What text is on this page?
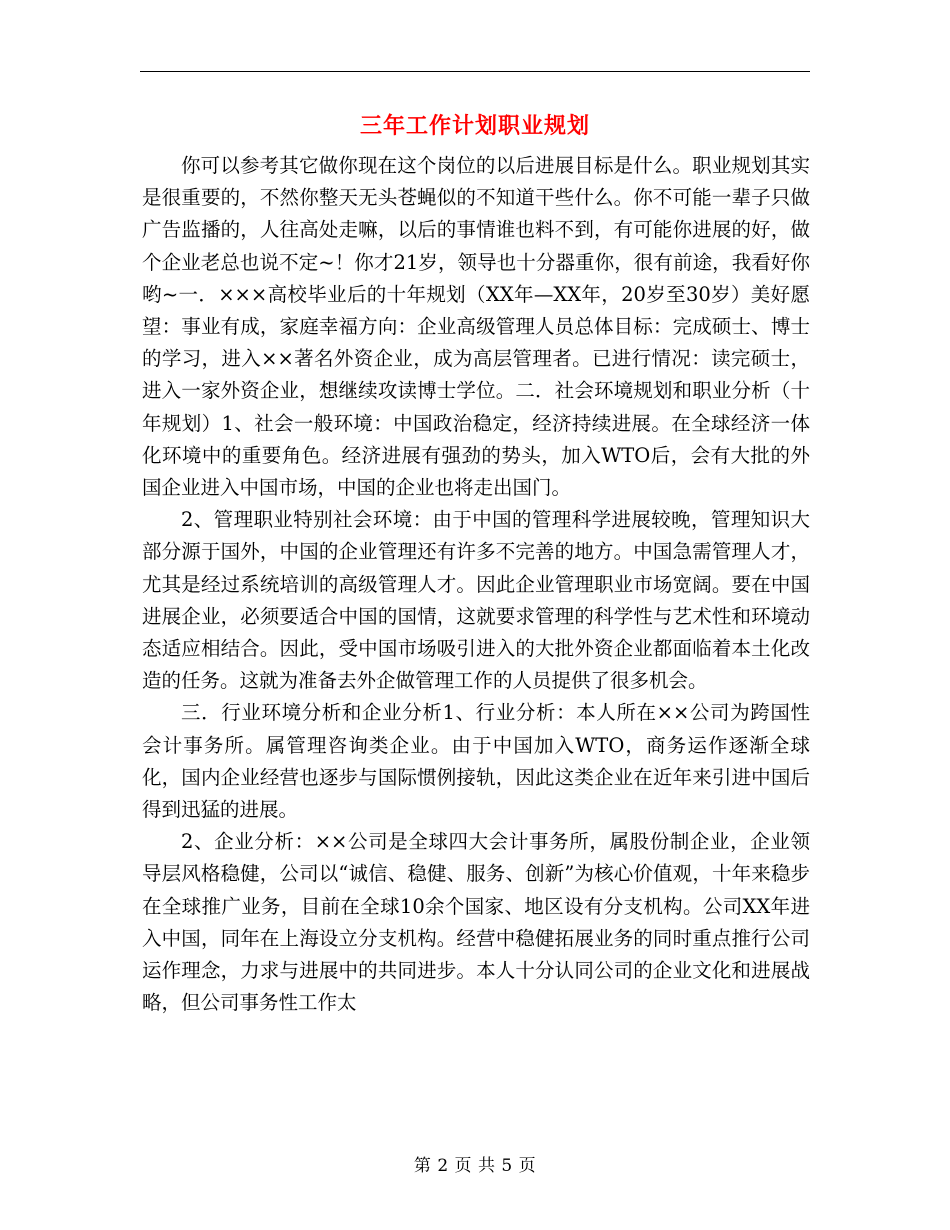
三年工作计划职业规划

你可以参考其它做你现在这个岗位的以后进展目标是什么。职业规划其实是很重要的，不然你整天无头苍蝇似的不知道干些什么。你不可能一辈子只做广告监播的，人往高处走嘛，以后的事情谁也料不到，有可能你进展的好，做个企业老总也说不定~！你才21岁，领导也十分器重你，很有前途，我看好你哟~一．×××高校毕业后的十年规划（XX年—XX年，20岁至30岁）美好愿望：事业有成，家庭幸福方向：企业高级管理人员总体目标：完成硕士、博士的学习，进入××著名外资企业，成为高层管理者。已进行情况：读完硕士，进入一家外资企业，想继续攻读博士学位。二．社会环境规划和职业分析（十年规划）1、社会一般环境：中国政治稳定，经济持续进展。在全球经济一体化环境中的重要角色。经济进展有强劲的势头，加入WTO后，会有大批的外国企业进入中国市场，中国的企业也将走出国门。

2、管理职业特别社会环境：由于中国的管理科学进展较晚，管理知识大部分源于国外，中国的企业管理还有许多不完善的地方。中国急需管理人才，尤其是经过系统培训的高级管理人才。因此企业管理职业市场宽阔。要在中国进展企业，必须要适合中国的国情，这就要求管理的科学性与艺术性和环境动态适应相结合。因此，受中国市场吸引进入的大批外资企业都面临着本土化改造的任务。这就为准备去外企做管理工作的人员提供了很多机会。

三．行业环境分析和企业分析1、行业分析：本人所在××公司为跨国性会计事务所。属管理咨询类企业。由于中国加入WTO，商务运作逐渐全球化，国内企业经营也逐步与国际惯例接轨，因此这类企业在近年来引进中国后得到迅猛的进展。

2、企业分析：××公司是全球四大会计事务所，属股份制企业，企业领导层风格稳健，公司以“诚信、稳健、服务、创新”为核心价值观，十年来稳步在全球推广业务，目前在全球10余个国家、地区设有分支机构。公司XX年进入中国，同年在上海设立分支机构。经营中稳健拓展业务的同时重点推行公司运作理念，力求与进展中的共同进步。本人十分认同公司的企业文化和进展战略，但公司事务性工作太

第 2 页 共 5 页
